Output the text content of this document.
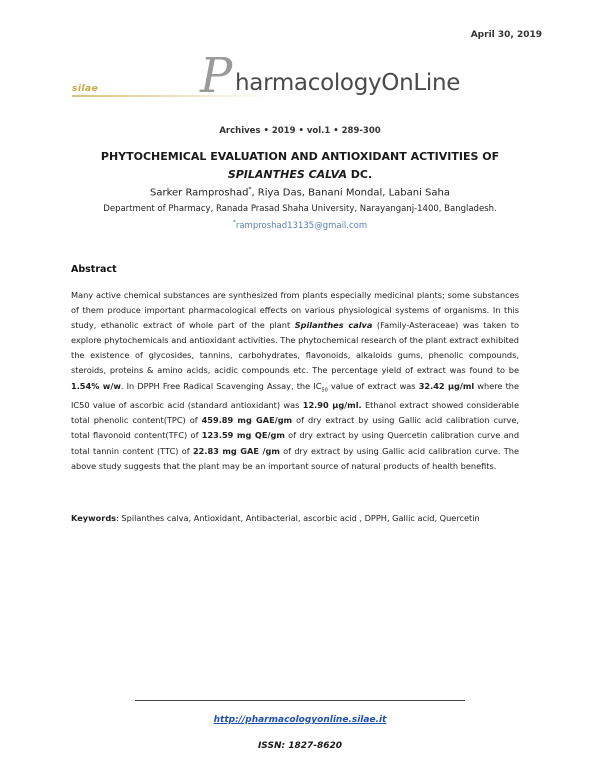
April 30, 2019
silae P harmacologyOnLine
Archives • 2019 • vol.1 • 289-300
PHYTOCHEMICAL EVALUATION AND ANTIOXIDANT ACTIVITIES OF
SPILANTHES CALVA DC.
Sarker Ramproshad*, Riya Das, Banani Mondal, Labani Saha
Department of Pharmacy, Ranada Prasad Shaha University, Narayanganj-1400, Bangladesh.
*ramproshad13135@gmail.com
Abstract

Many active chemical substances are synthesized from plants especially medicinal plants; some substances of them produce important pharmacological effects on various physiological systems of organisms. In this study, ethanolic extract of whole part of the plant Spilanthes calva (Family-Asteraceae) was taken to explore phytochemicals and antioxidant activities. The phytochemical research of the plant extract exhibited the existence of glycosides, tannins, carbohydrates, flavonoids, alkaloids gums, phenolic compounds, steroids, proteins & amino acids, acidic compounds etc. The percentage yield of extract was found to be 1.54% w/w. In DPPH Free Radical Scavenging Assay, the $IC_{50}$ value of extract was 32.42 µg/ml where the IC50 value of ascorbic acid (standard antioxidant) was 12.90 µg/ml. Ethanol extract showed considerable total phenolic content(TPC) of 459.89 mg GAE/gm of dry extract by using Gallic acid calibration curve, total flavonoid content(TFC) of 123.59 mg QE/gm of dry extract by using Quercetin calibration curve and total tannin content (TTC) of 22.83 mg GAE /gm of dry extract by using Gallic acid calibration curve. The above study suggests that the plant may be an important source of natural products of health benefits.

Keywords: Spilanthes calva, Antioxidant, Antibacterial, ascorbic acid , DPPH, Gallic acid, Quercetin
http://pharmacologyonline.silae.it
ISSN: 1827-8620
